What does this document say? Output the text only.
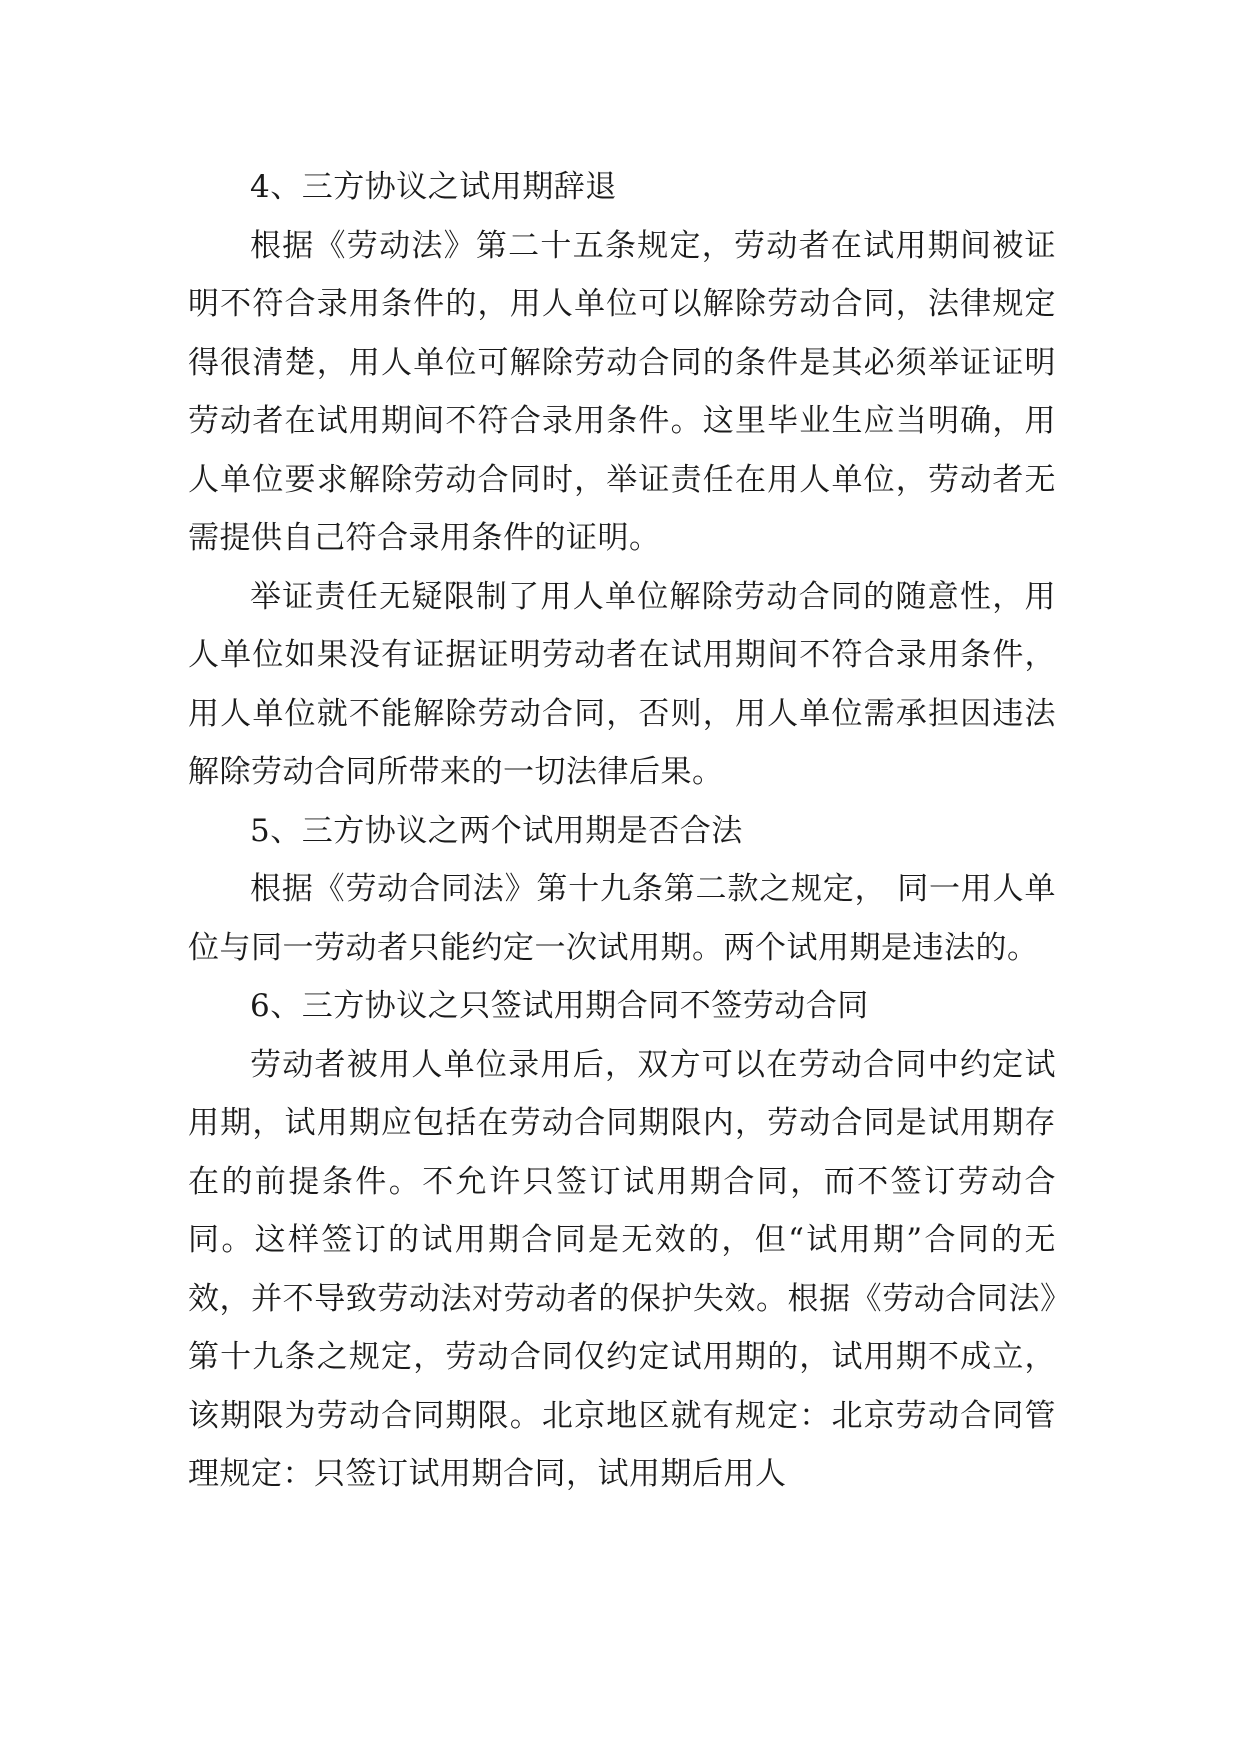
4、三方协议之试用期辞退

根据《劳动法》第二十五条规定，劳动者在试用期间被证明不符合录用条件的，用人单位可以解除劳动合同，法律规定得很清楚，用人单位可解除劳动合同的条件是其必须举证证明劳动者在试用期间不符合录用条件。这里毕业生应当明确，用人单位要求解除劳动合同时，举证责任在用人单位，劳动者无需提供自己符合录用条件的证明。

举证责任无疑限制了用人单位解除劳动合同的随意性，用人单位如果没有证据证明劳动者在试用期间不符合录用条件，用人单位就不能解除劳动合同，否则，用人单位需承担因违法解除劳动合同所带来的一切法律后果。

5、三方协议之两个试用期是否合法

根据《劳动合同法》第十九条第二款之规定， 同一用人单位与同一劳动者只能约定一次试用期。两个试用期是违法的。

6、三方协议之只签试用期合同不签劳动合同

劳动者被用人单位录用后，双方可以在劳动合同中约定试用期，试用期应包括在劳动合同期限内，劳动合同是试用期存在的前提条件。不允许只签订试用期合同，而不签订劳动合同。这样签订的试用期合同是无效的，但“试用期”合同的无效，并不导致劳动法对劳动者的保护失效。根据《劳动合同法》第十九条之规定，劳动合同仅约定试用期的，试用期不成立，该期限为劳动合同期限。北京地区就有规定：北京劳动合同管理规定：只签订试用期合同，试用期后用人
